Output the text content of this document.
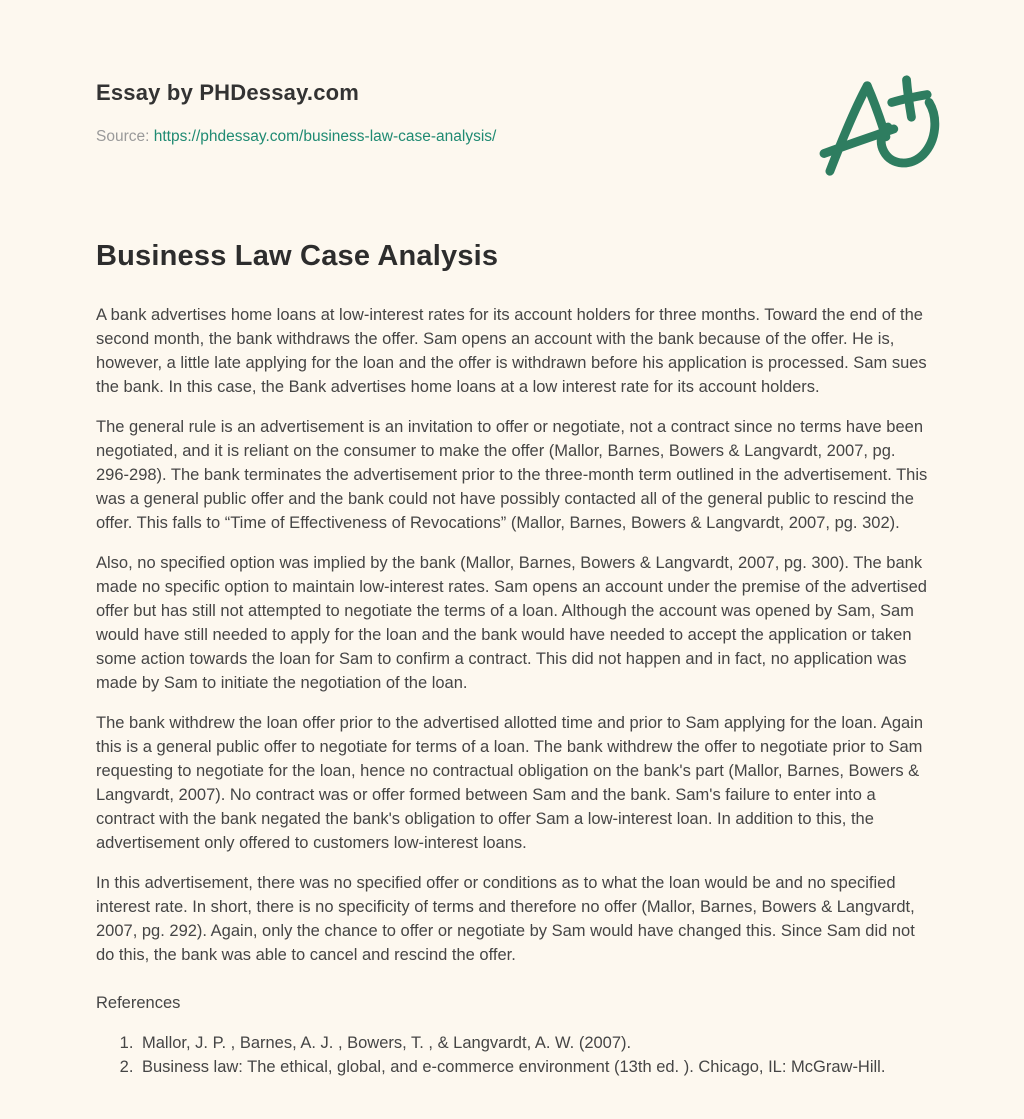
Essay by PHDessay.com
Source: https://phdessay.com/business-law-case-analysis/
Business Law Case Analysis

A bank advertises home loans at low-interest rates for its account holders for three months. Toward the end of the second month, the bank withdraws the offer. Sam opens an account with the bank because of the offer. He is, however, a little late applying for the loan and the offer is withdrawn before his application is processed. Sam sues the bank. In this case, the Bank advertises home loans at a low interest rate for its account holders.

The general rule is an advertisement is an invitation to offer or negotiate, not a contract since no terms have been negotiated, and it is reliant on the consumer to make the offer (Mallor, Barnes, Bowers & Langvardt, 2007, pg. 296-298). The bank terminates the advertisement prior to the three-month term outlined in the advertisement. This was a general public offer and the bank could not have possibly contacted all of the general public to rescind the offer. This falls to “Time of Effectiveness of Revocations” (Mallor, Barnes, Bowers & Langvardt, 2007, pg. 302).

Also, no specified option was implied by the bank (Mallor, Barnes, Bowers & Langvardt, 2007, pg. 300). The bank made no specific option to maintain low-interest rates. Sam opens an account under the premise of the advertised offer but has still not attempted to negotiate the terms of a loan. Although the account was opened by Sam, Sam would have still needed to apply for the loan and the bank would have needed to accept the application or taken some action towards the loan for Sam to confirm a contract. This did not happen and in fact, no application was made by Sam to initiate the negotiation of the loan.

The bank withdrew the loan offer prior to the advertised allotted time and prior to Sam applying for the loan. Again this is a general public offer to negotiate for terms of a loan. The bank withdrew the offer to negotiate prior to Sam requesting to negotiate for the loan, hence no contractual obligation on the bank's part (Mallor, Barnes, Bowers & Langvardt, 2007). No contract was or offer formed between Sam and the bank. Sam's failure to enter into a contract with the bank negated the bank's obligation to offer Sam a low-interest loan. In addition to this, the advertisement only offered to customers low-interest loans.

In this advertisement, there was no specified offer or conditions as to what the loan would be and no specified interest rate. In short, there is no specificity of terms and therefore no offer (Mallor, Barnes, Bowers & Langvardt, 2007, pg. 292). Again, only the chance to offer or negotiate by Sam would have changed this. Since Sam did not do this, the bank was able to cancel and rescind the offer.

References
1. Mallor, J. P. , Barnes, A. J. , Bowers, T. , & Langvardt, A. W. (2007).
2. Business law: The ethical, global, and e-commerce environment (13th ed. ). Chicago, IL: McGraw-Hill.
